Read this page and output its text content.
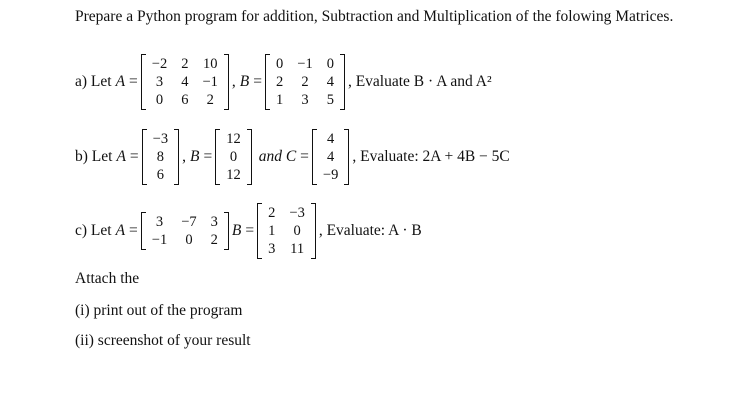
Prepare a Python program for addition, Subtraction and Multiplication of the folowing Matrices.
a) Let A =
−2 2 10
3 4 −1
0 6 2
, B =
0 −1 0
2 2 4
1 3 5
, Evaluate B · A and A²
b) Let A =
−3
8
6
, B =
12
0
12
and C =
4
4
−9
, Evaluate: 2A + 4B − 5C
c) Let A = 3 −7 3
−1 0 2
B =
2 −3
1 0
3 11
, Evaluate: A · B
Attach the
(i) print out of the program
(ii) screenshot of your result
